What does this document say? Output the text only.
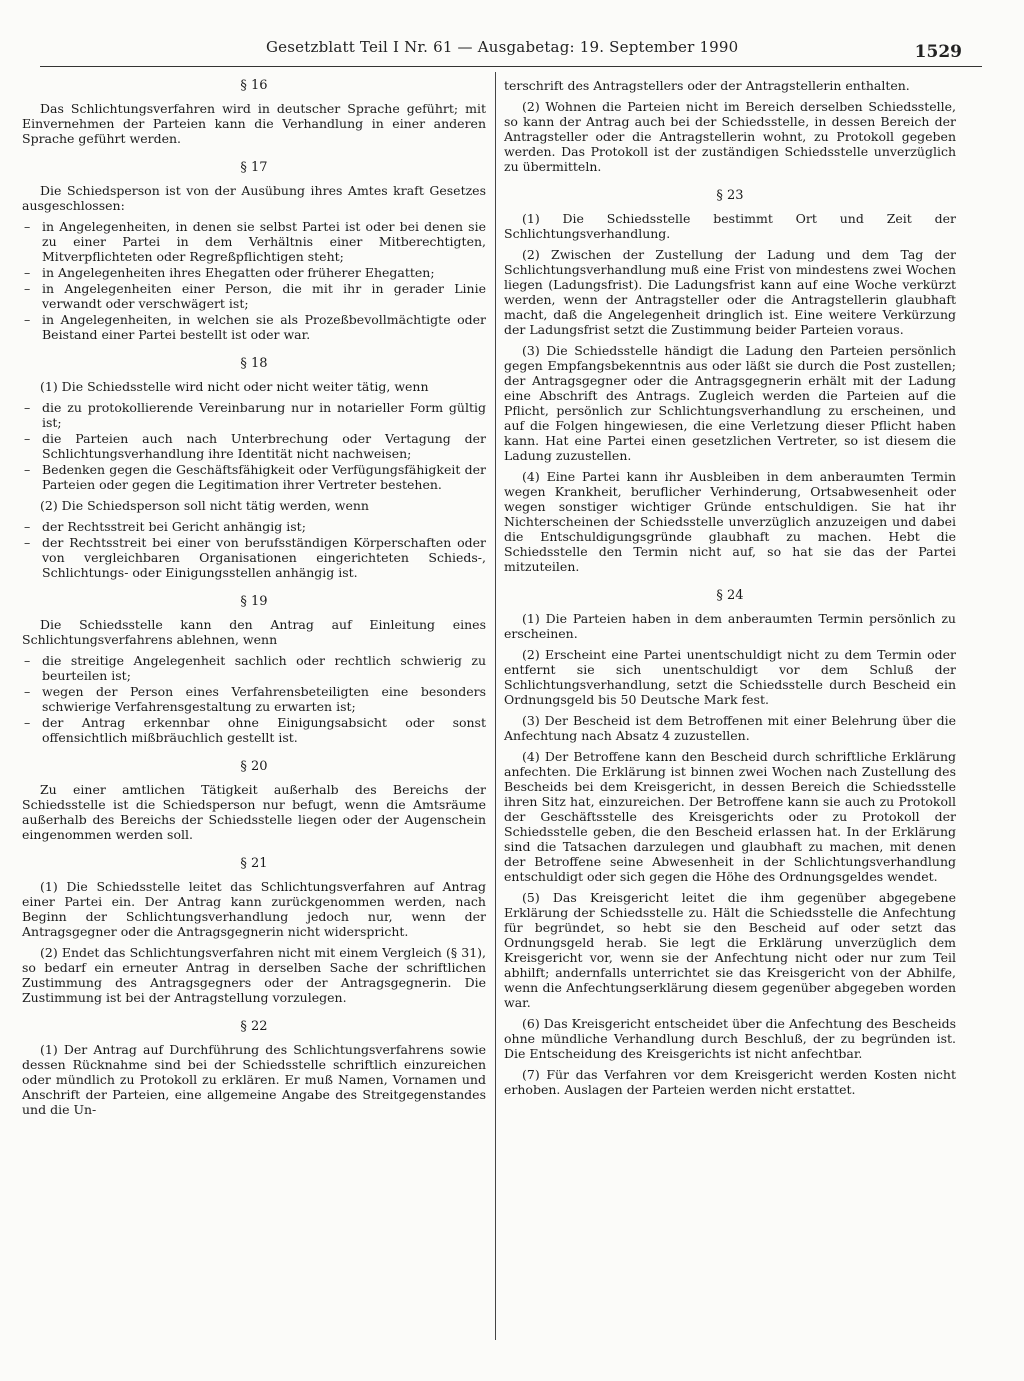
Gesetzblatt Teil I Nr. 61 — Ausgabetag: 19. September 1990	1529
§ 16

Das Schlichtungsverfahren wird in deutscher Sprache geführt; mit Einvernehmen der Parteien kann die Verhandlung in einer anderen Sprache geführt werden.

§ 17

Die Schiedsperson ist von der Ausübung ihres Amtes kraft Gesetzes ausgeschlossen:

– in Angelegenheiten, in denen sie selbst Partei ist oder bei denen sie zu einer Partei in dem Verhältnis einer Mitberechtigten, Mitverpflichteten oder Regreßpflichtigen steht;
– in Angelegenheiten ihres Ehegatten oder früherer Ehegatten;
– in Angelegenheiten einer Person, die mit ihr in gerader Linie verwandt oder verschwägert ist;
– in Angelegenheiten, in welchen sie als Prozeßbevollmächtigte oder Beistand einer Partei bestellt ist oder war.
§ 18

(1) Die Schiedsstelle wird nicht oder nicht weiter tätig, wenn

– die zu protokollierende Vereinbarung nur in notarieller Form gültig ist;
– die Parteien auch nach Unterbrechung oder Vertagung der Schlichtungsverhandlung ihre Identität nicht nachweisen;
– Bedenken gegen die Geschäftsfähigkeit oder Verfügungsfähigkeit der Parteien oder gegen die Legitimation ihrer Vertreter bestehen.

(2) Die Schiedsperson soll nicht tätig werden, wenn

– der Rechtsstreit bei Gericht anhängig ist;
– der Rechtsstreit bei einer von berufsständigen Körperschaften oder von vergleichbaren Organisationen eingerichteten Schieds-, Schlichtungs- oder Einigungsstellen anhängig ist.
§ 19

Die Schiedsstelle kann den Antrag auf Einleitung eines Schlichtungsverfahrens ablehnen, wenn

– die streitige Angelegenheit sachlich oder rechtlich schwierig zu beurteilen ist;
– wegen der Person eines Verfahrensbeteiligten eine besonders schwierige Verfahrensgestaltung zu erwarten ist;
– der Antrag erkennbar ohne Einigungsabsicht oder sonst offensichtlich mißbräuchlich gestellt ist.
§ 20

Zu einer amtlichen Tätigkeit außerhalb des Bereichs der Schiedsstelle ist die Schiedsperson nur befugt, wenn die Amtsräume außerhalb des Bereichs der Schiedsstelle liegen oder der Augenschein eingenommen werden soll.

§ 21

(1) Die Schiedsstelle leitet das Schlichtungsverfahren auf Antrag einer Partei ein. Der Antrag kann zurückgenommen werden, nach Beginn der Schlichtungsverhandlung jedoch nur, wenn der Antragsgegner oder die Antragsgegnerin nicht widerspricht.

(2) Endet das Schlichtungsverfahren nicht mit einem Vergleich (§ 31), so bedarf ein erneuter Antrag in derselben Sache der schriftlichen Zustimmung des Antragsgegners oder der Antragsgegnerin. Die Zustimmung ist bei der Antragstellung vorzulegen.

§ 22

(1) Der Antrag auf Durchführung des Schlichtungsverfahrens sowie dessen Rücknahme sind bei der Schiedsstelle schriftlich einzureichen oder mündlich zu Protokoll zu erklären. Er muß Namen, Vornamen und Anschrift der Parteien, eine allgemeine Angabe des Streitgegenstandes und die Un-

terschrift des Antragstellers oder der Antragstellerin enthalten.

(2) Wohnen die Parteien nicht im Bereich derselben Schiedsstelle, so kann der Antrag auch bei der Schiedsstelle, in dessen Bereich der Antragsteller oder die Antragstellerin wohnt, zu Protokoll gegeben werden. Das Protokoll ist der zuständigen Schiedsstelle unverzüglich zu übermitteln.

§ 23

(1) Die Schiedsstelle bestimmt Ort und Zeit der Schlichtungsverhandlung.

(2) Zwischen der Zustellung der Ladung und dem Tag der Schlichtungsverhandlung muß eine Frist von mindestens zwei Wochen liegen (Ladungsfrist). Die Ladungsfrist kann auf eine Woche verkürzt werden, wenn der Antragsteller oder die Antragstellerin glaubhaft macht, daß die Angelegenheit dringlich ist. Eine weitere Verkürzung der Ladungsfrist setzt die Zustimmung beider Parteien voraus.

(3) Die Schiedsstelle händigt die Ladung den Parteien persönlich gegen Empfangsbekenntnis aus oder läßt sie durch die Post zustellen; der Antragsgegner oder die Antragsgegnerin erhält mit der Ladung eine Abschrift des Antrags. Zugleich werden die Parteien auf die Pflicht, persönlich zur Schlichtungsverhandlung zu erscheinen, und auf die Folgen hingewiesen, die eine Verletzung dieser Pflicht haben kann. Hat eine Partei einen gesetzlichen Vertreter, so ist diesem die Ladung zuzustellen.

(4) Eine Partei kann ihr Ausbleiben in dem anberaumten Termin wegen Krankheit, beruflicher Verhinderung, Ortsabwesenheit oder wegen sonstiger wichtiger Gründe entschuldigen. Sie hat ihr Nichterscheinen der Schiedsstelle unverzüglich anzuzeigen und dabei die Entschuldigungsgründe glaubhaft zu machen. Hebt die Schiedsstelle den Termin nicht auf, so hat sie das der Partei mitzuteilen.

§ 24

(1) Die Parteien haben in dem anberaumten Termin persönlich zu erscheinen.

(2) Erscheint eine Partei unentschuldigt nicht zu dem Termin oder entfernt sie sich unentschuldigt vor dem Schluß der Schlichtungsverhandlung, setzt die Schiedsstelle durch Bescheid ein Ordnungsgeld bis 50 Deutsche Mark fest.

(3) Der Bescheid ist dem Betroffenen mit einer Belehrung über die Anfechtung nach Absatz 4 zuzustellen.

(4) Der Betroffene kann den Bescheid durch schriftliche Erklärung anfechten. Die Erklärung ist binnen zwei Wochen nach Zustellung des Bescheids bei dem Kreisgericht, in dessen Bereich die Schiedsstelle ihren Sitz hat, einzureichen. Der Betroffene kann sie auch zu Protokoll der Geschäftsstelle des Kreisgerichts oder zu Protokoll der Schiedsstelle geben, die den Bescheid erlassen hat. In der Erklärung sind die Tatsachen darzulegen und glaubhaft zu machen, mit denen der Betroffene seine Abwesenheit in der Schlichtungsverhandlung entschuldigt oder sich gegen die Höhe des Ordnungsgeldes wendet.

(5) Das Kreisgericht leitet die ihm gegenüber abgegebene Erklärung der Schiedsstelle zu. Hält die Schiedsstelle die Anfechtung für begründet, so hebt sie den Bescheid auf oder setzt das Ordnungsgeld herab. Sie legt die Erklärung unverzüglich dem Kreisgericht vor, wenn sie der Anfechtung nicht oder nur zum Teil abhilft; andernfalls unterrichtet sie das Kreisgericht von der Abhilfe, wenn die Anfechtungserklärung diesem gegenüber abgegeben worden war.

(6) Das Kreisgericht entscheidet über die Anfechtung des Bescheids ohne mündliche Verhandlung durch Beschluß, der zu begründen ist. Die Entscheidung des Kreisgerichts ist nicht anfechtbar.

(7) Für das Verfahren vor dem Kreisgericht werden Kosten nicht erhoben. Auslagen der Parteien werden nicht erstattet.
